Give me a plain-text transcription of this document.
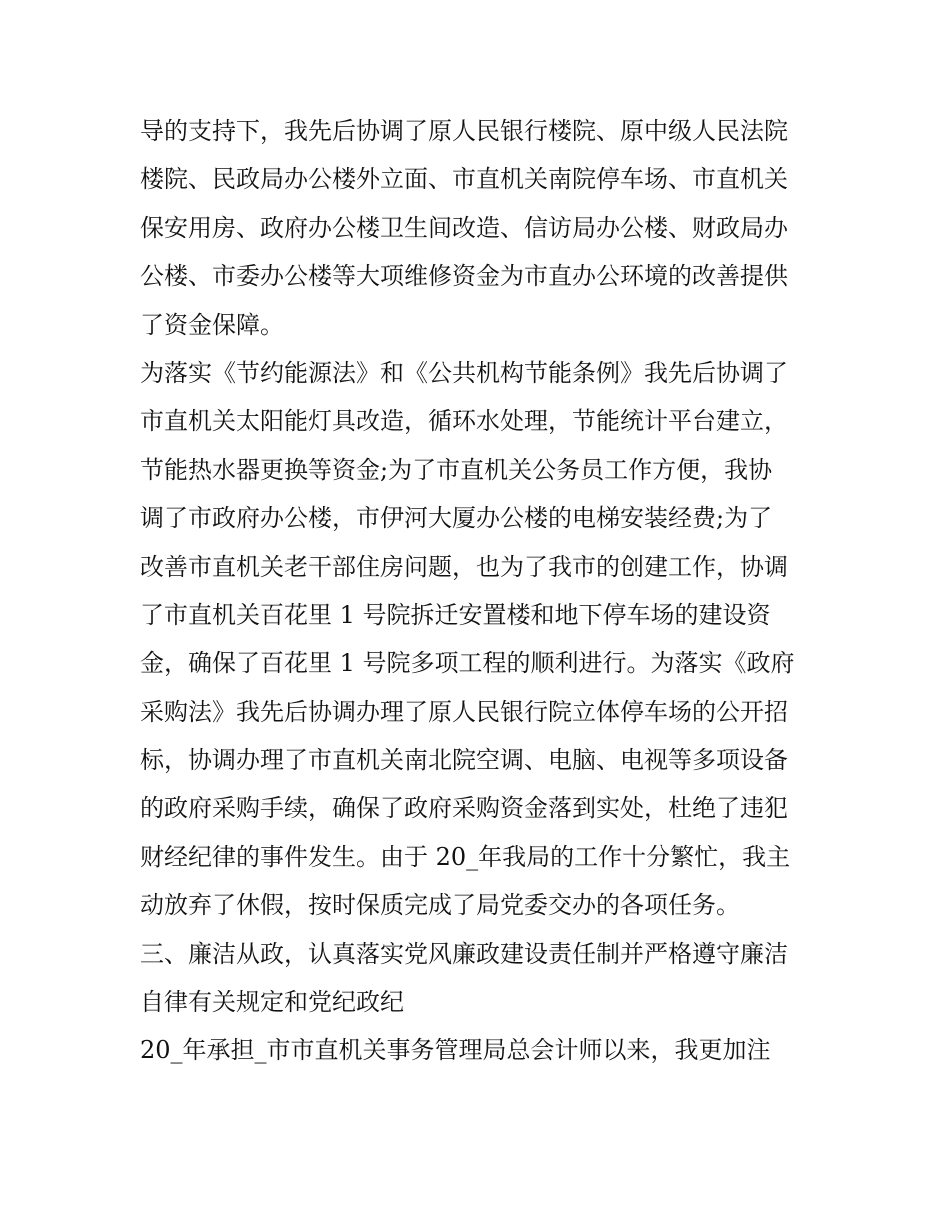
导的支持下，我先后协调了原人民银行楼院、原中级人民法院
楼院、民政局办公楼外立面、市直机关南院停车场、市直机关
保安用房、政府办公楼卫生间改造、信访局办公楼、财政局办
公楼、市委办公楼等大项维修资金为市直办公环境的改善提供
了资金保障。
为落实《节约能源法》和《公共机构节能条例》我先后协调了
市直机关太阳能灯具改造，循环水处理，节能统计平台建立，
节能热水器更换等资金;为了市直机关公务员工作方便，我协
调了市政府办公楼，市伊河大厦办公楼的电梯安装经费;为了
改善市直机关老干部住房问题，也为了我市的创建工作，协调
了市直机关百花里 1 号院拆迁安置楼和地下停车场的建设资
金，确保了百花里 1 号院多项工程的顺利进行。为落实《政府
采购法》我先后协调办理了原人民银行院立体停车场的公开招
标，协调办理了市直机关南北院空调、电脑、电视等多项设备
的政府采购手续，确保了政府采购资金落到实处，杜绝了违犯
财经纪律的事件发生。由于 20_年我局的工作十分繁忙，我主
动放弃了休假，按时保质完成了局党委交办的各项任务。
三、廉洁从政，认真落实党风廉政建设责任制并严格遵守廉洁
自律有关规定和党纪政纪
20_年承担_市市直机关事务管理局总会计师以来，我更加注
